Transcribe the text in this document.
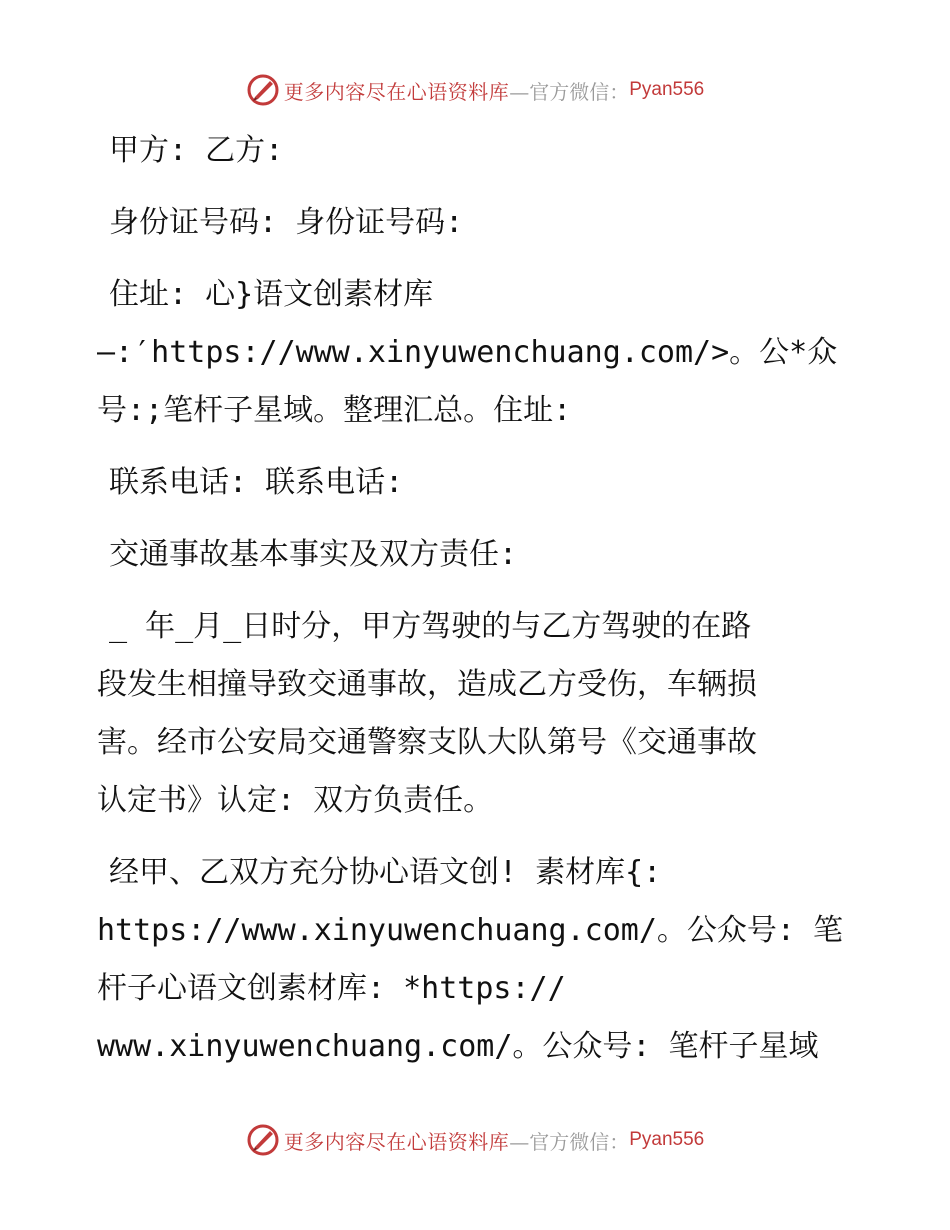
更多内容尽在心语资料库 —官方微信： Pyan556
甲方: 乙方:
身份证号码: 身份证号码:
住址: 心}语文创素材库
—:′https://www.xinyuwenchuang.com/>。公*众
号:;笔杆子星域。整理汇总。住址:
联系电话: 联系电话:
交通事故基本事实及双方责任:
_ 年_月_日时分，甲方驾驶的与乙方驾驶的在路
段发生相撞导致交通事故，造成乙方受伤，车辆损
害。经市公安局交通警察支队大队第号《交通事故
认定书》认定: 双方负责任。
经甲、乙双方充分协心语文创! 素材库{:
https://www.xinyuwenchuang.com/。公众号: 笔
杆子心语文创素材库: *https://
www.xinyuwenchuang.com/。公众号: 笔杆子星域
更多内容尽在心语资料库 —官方微信： Pyan556
